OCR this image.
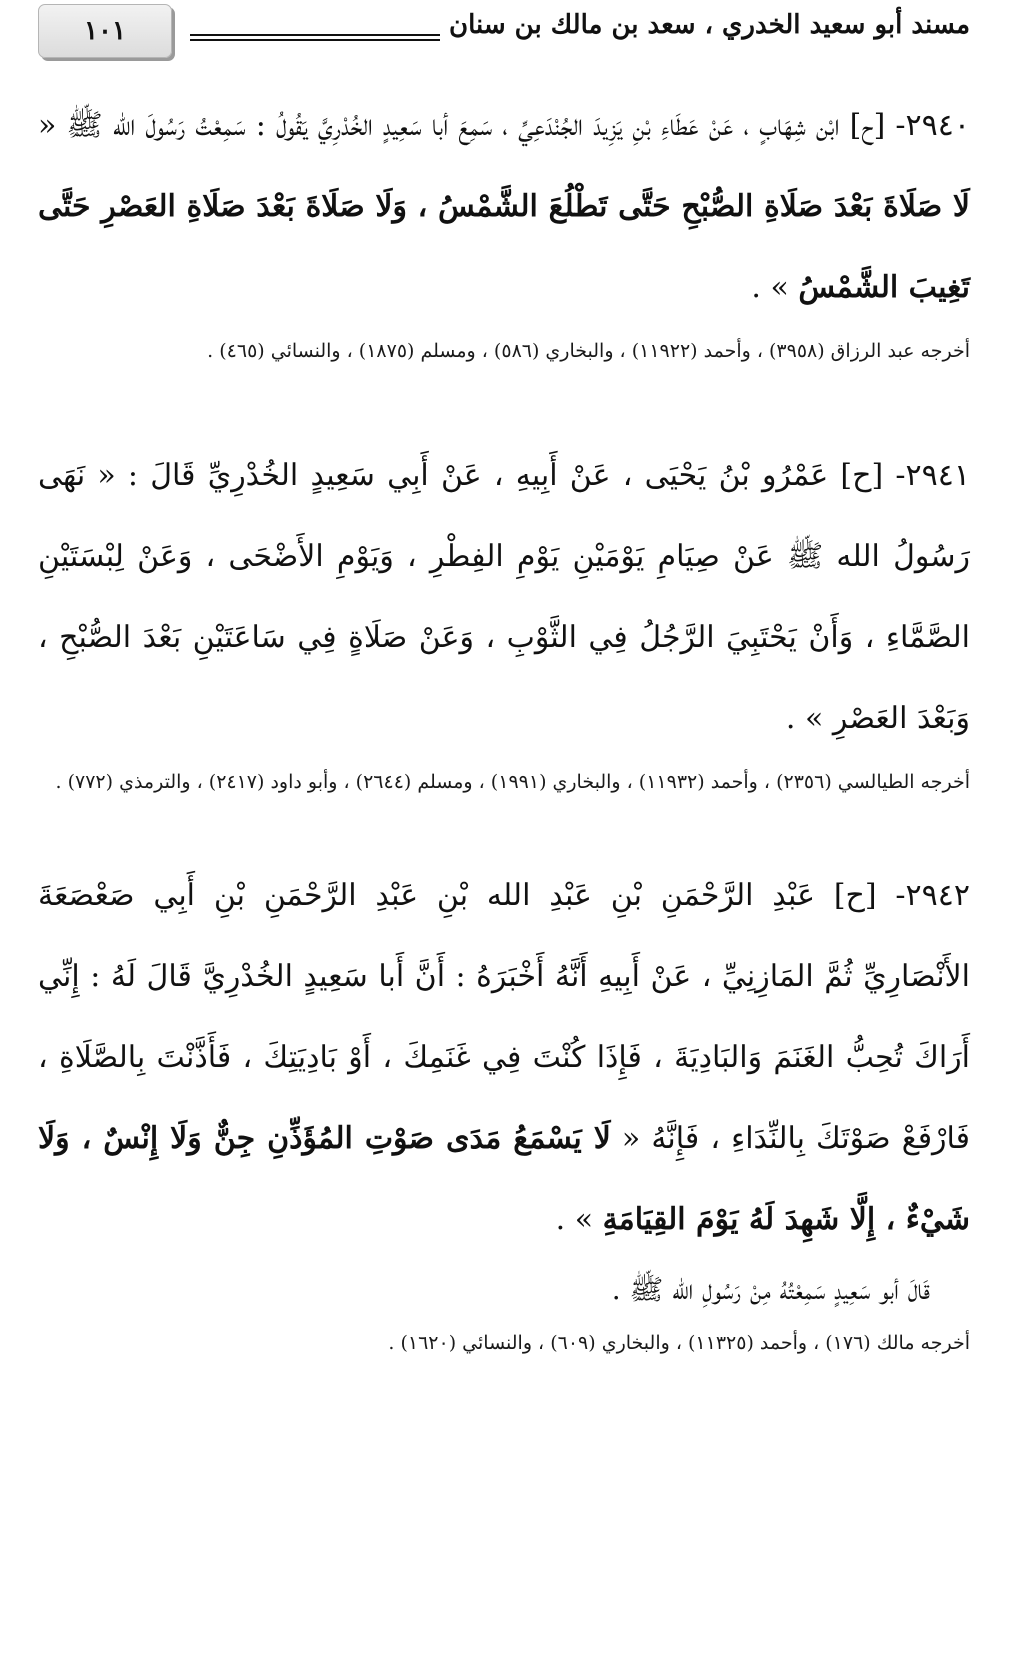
١٠١	مسند أبو سعيد الخدري ، سعد بن مالك بن سنان

٢٩٤٠- [ح] ابْن شِهَابٍ ، عَنْ عَطَاءِ بْنِ يَزِيدَ الجُنْدَعِيِّ ، سَمِعَ أبا سَعِيدٍ الخُدْرِيَّ يَقُولُ : سَمِعْتُ رَسُولَ الله ﷺ « لَا صَلَاةَ بَعْدَ صَلَاةِ الصُّبْحِ حَتَّى تَطْلُعَ الشَّمْسُ ، وَلَا صَلَاةَ بَعْدَ صَلَاةِ العَصْرِ حَتَّى تَغِيبَ الشَّمْسُ » .

أخرجه عبد الرزاق (٣٩٥٨) ، وأحمد (١١٩٢٢) ، والبخاري (٥٨٦) ، ومسلم (١٨٧٥) ، والنسائي (٤٦٥) .

٢٩٤١- [ح] عَمْرُو بْنُ يَحْيَى ، عَنْ أَبِيهِ ، عَنْ أَبِي سَعِيدٍ الخُدْرِيِّ قَالَ : « نَهَى رَسُولُ الله ﷺ عَنْ صِيَامِ يَوْمَيْنِ يَوْمِ الفِطْرِ ، وَيَوْمِ الأَضْحَى ، وَعَنْ لِبْسَتَيْنِ الصَّمَّاءِ ، وَأَنْ يَحْتَبِيَ الرَّجُلُ فِي الثَّوْبِ ، وَعَنْ صَلَاةٍ فِي سَاعَتَيْنِ بَعْدَ الصُّبْحِ ، وَبَعْدَ العَصْرِ » .

أخرجه الطيالسي (٢٣٥٦) ، وأحمد (١١٩٣٢) ، والبخاري (١٩٩١) ، ومسلم (٢٦٤٤) ، وأبو داود (٢٤١٧) ، والترمذي (٧٧٢) .

٢٩٤٢- [ح] عَبْدِ الرَّحْمَنِ بْنِ عَبْدِ الله بْنِ عَبْدِ الرَّحْمَنِ بْنِ أَبِي صَعْصَعَةَ الأَنْصَارِيِّ ثُمَّ المَازِنِيِّ ، عَنْ أَبِيهِ أَنَّهُ أَخْبَرَهُ : أَنَّ أَبا سَعِيدٍ الخُدْرِيَّ قَالَ لَهُ : إِنِّي أَرَاكَ تُحِبُّ الغَنَمَ وَالبَادِيَةَ ، فَإِذَا كُنْتَ فِي غَنَمِكَ ، أَوْ بَادِيَتِكَ ، فَأَذَّنْتَ بِالصَّلَاةِ ، فَارْفَعْ صَوْتَكَ بِالنِّدَاءِ ، فَإِنَّهُ « لَا يَسْمَعُ مَدَى صَوْتِ المُؤَذِّنِ جِنٌّ وَلَا إِنْسٌ ، وَلَا شَيْءٌ ، إِلَّا شَهِدَ لَهُ يَوْمَ القِيَامَةِ » .

قَالَ أبو سَعِيدٍ سَمِعْتُهُ مِنْ رَسُولِ الله ﷺ .

أخرجه مالك (١٧٦) ، وأحمد (١١٣٢٥) ، والبخاري (٦٠٩) ، والنسائي (١٦٢٠) .
